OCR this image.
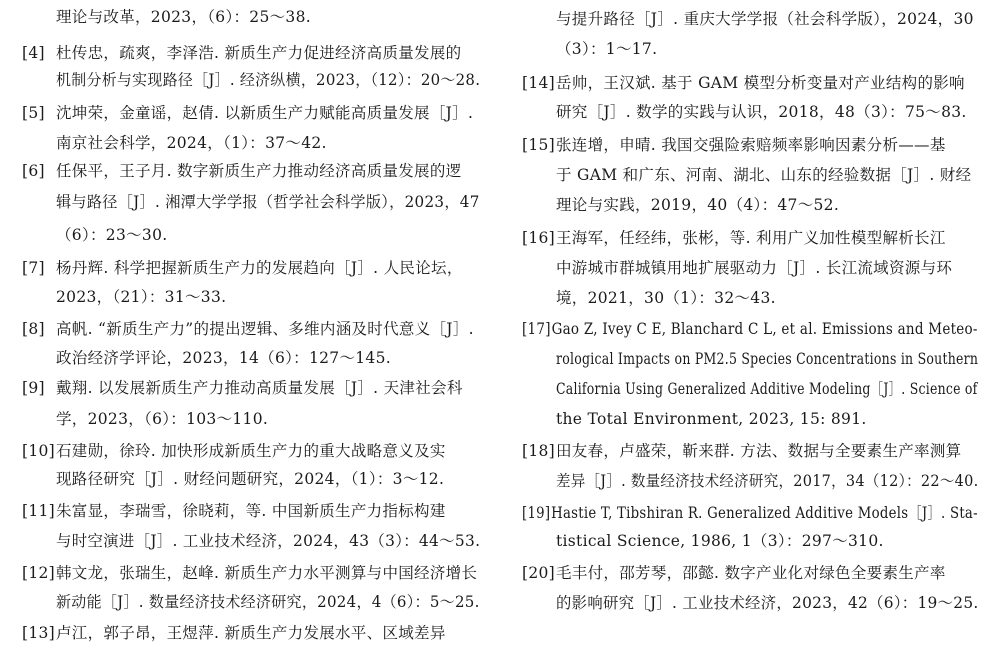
理论与改革，2023，（6）：25～38.
[4] 杜传忠，疏爽，李泽浩. 新质生产力促进经济高质量发展的
机制分析与实现路径［J］. 经济纵横，2023，（12）：20～28.
[5] 沈坤荣，金童谣，赵倩. 以新质生产力赋能高质量发展［J］.
南京社会科学，2024，（1）：37～42.
[6] 任保平，王子月. 数字新质生产力推动经济高质量发展的逻
辑与路径［J］. 湘潭大学学报（哲学社会科学版），2023，47
（6）：23～30.
[7] 杨丹辉. 科学把握新质生产力的发展趋向［J］. 人民论坛，
2023，（21）：31～33.
[8] 高帆. “新质生产力”的提出逻辑、多维内涵及时代意义［J］.
政治经济学评论，2023，14（6）：127～145.
[9] 戴翔. 以发展新质生产力推动高质量发展［J］. 天津社会科
学，2023，（6）：103～110.
[10]石建勋，徐玲. 加快形成新质生产力的重大战略意义及实
现路径研究［J］. 财经问题研究，2024，（1）：3～12.
[11]朱富显，李瑞雪，徐晓莉，等. 中国新质生产力指标构建
与时空演进［J］. 工业技术经济，2024，43（3）：44～53.
[12]韩文龙，张瑞生，赵峰. 新质生产力水平测算与中国经济增长
新动能［J］. 数量经济技术经济研究，2024，4（6）：5～25.
[13]卢江，郭子昂，王煜萍. 新质生产力发展水平、区域差异
与提升路径［J］. 重庆大学学报（社会科学版），2024，30
（3）：1～17.
[14]岳帅，王汉斌. 基于 GAM 模型分析变量对产业结构的影响
研究［J］. 数学的实践与认识，2018，48（3）：75～83.
[15]张连增，申晴. 我国交强险索赔频率影响因素分析——基
于 GAM 和广东、河南、湖北、山东的经验数据［J］. 财经
理论与实践，2019，40（4）：47～52.
[16]王海军，任经纬，张彬，等. 利用广义加性模型解析长江
中游城市群城镇用地扩展驱动力［J］. 长江流域资源与环
境，2021，30（1）：32～43.
[17]Gao Z, Ivey C E, Blanchard C L, et al. Emissions and Meteo-
rological Impacts on PM2.5 Species Concentrations in Southern
California Using Generalized Additive Modeling［J］. Science of
the Total Environment, 2023, 15: 891.
[18]田友春，卢盛荣，靳来群. 方法、数据与全要素生产率测算
差异［J］. 数量经济技术经济研究，2017，34（12）：22～40.
[19]Hastie T, Tibshiran R. Generalized Additive Models［J］. Sta-
tistical Science, 1986, 1（3）：297～310.
[20]毛丰付，邵芳琴，邵懿. 数字产业化对绿色全要素生产率
的影响研究［J］. 工业技术经济，2023，42（6）：19～25.
